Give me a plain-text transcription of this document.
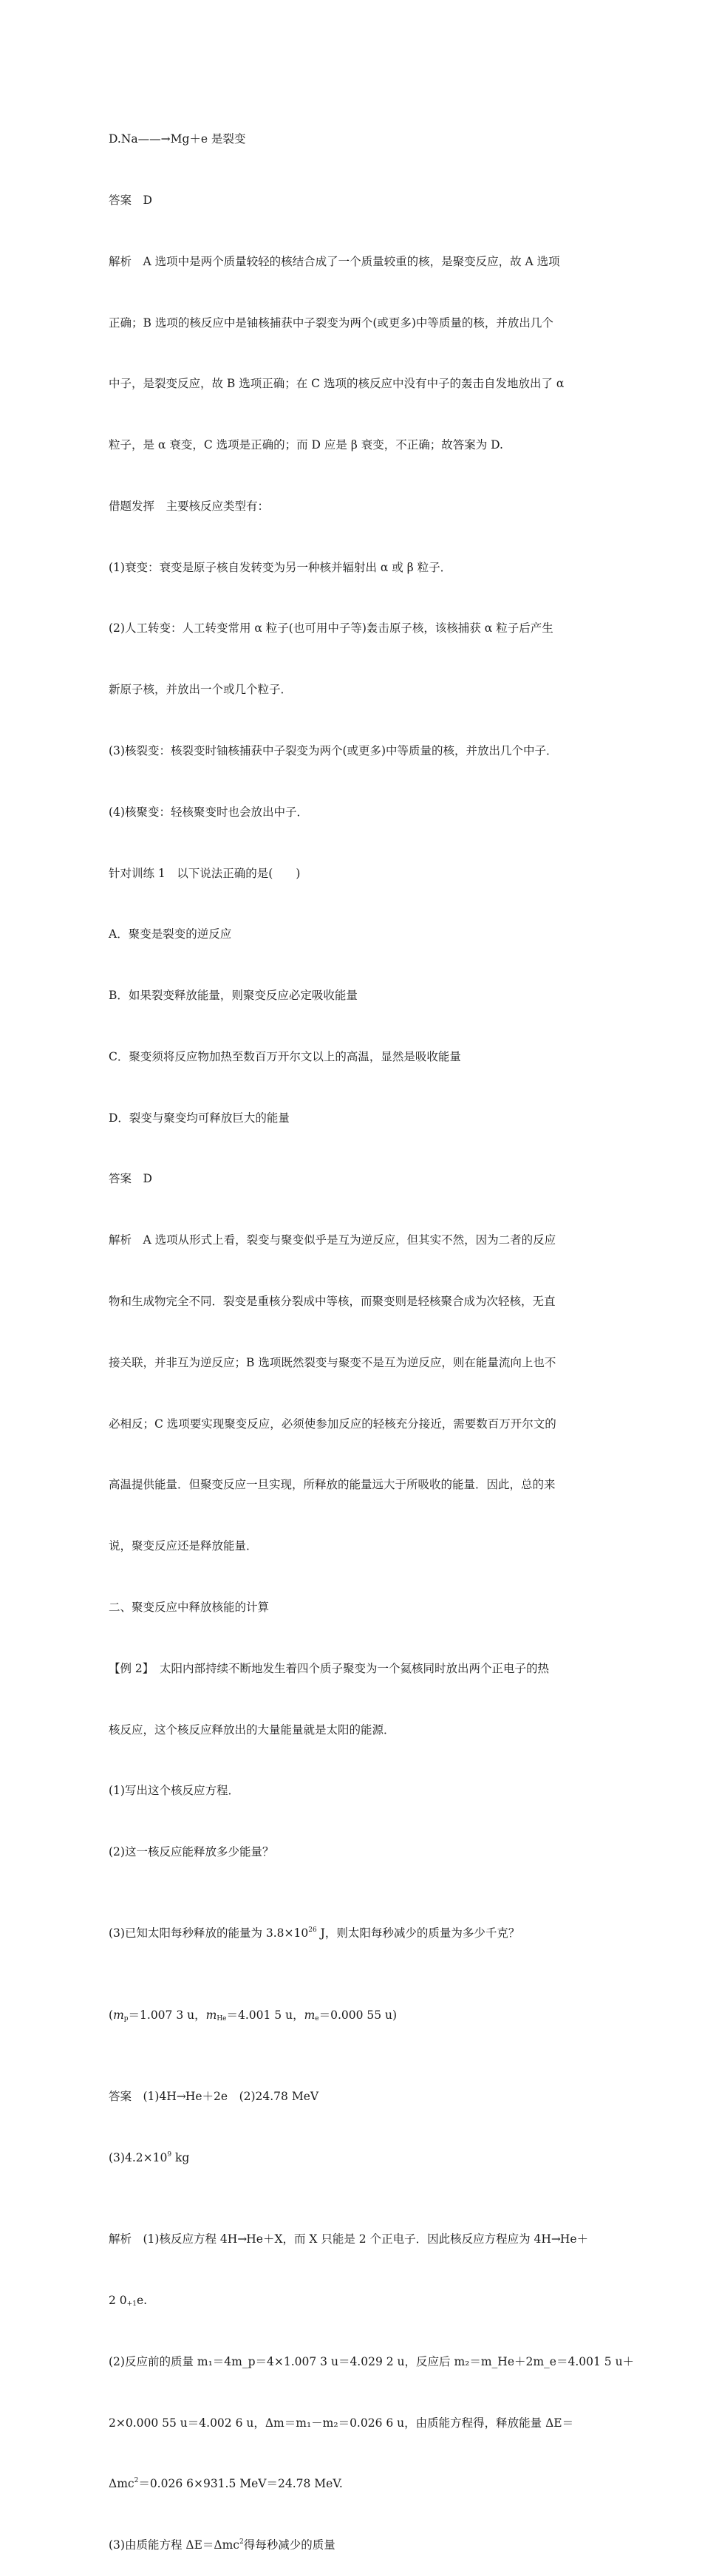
D.Na——→Mg＋e 是裂变

答案　D

解析　A 选项中是两个质量较轻的核结合成了一个质量较重的核，是聚变反应，故 A 选项

正确；B 选项的核反应中是铀核捕获中子裂变为两个(或更多)中等质量的核，并放出几个

中子，是裂变反应，故 B 选项正确；在 C 选项的核反应中没有中子的轰击自发地放出了 α

粒子，是 α 衰变，C 选项是正确的；而 D 应是 β 衰变，不正确；故答案为 D.

借题发挥　主要核反应类型有：

(1)衰变：衰变是原子核自发转变为另一种核并辐射出 α 或 β 粒子．

(2)人工转变：人工转变常用 α 粒子(也可用中子等)轰击原子核，该核捕获 α 粒子后产生

新原子核，并放出一个或几个粒子．

(3)核裂变：核裂变时铀核捕获中子裂变为两个(或更多)中等质量的核，并放出几个中子．

(4)核聚变：轻核聚变时也会放出中子．

针对训练 1　以下说法正确的是(　　)

A．聚变是裂变的逆反应

B．如果裂变释放能量，则聚变反应必定吸收能量

C．聚变须将反应物加热至数百万开尔文以上的高温，显然是吸收能量

D．裂变与聚变均可释放巨大的能量

答案　D

解析　A 选项从形式上看，裂变与聚变似乎是互为逆反应，但其实不然，因为二者的反应

物和生成物完全不同．裂变是重核分裂成中等核，而聚变则是轻核聚合成为次轻核，无直

接关联，并非互为逆反应；B 选项既然裂变与聚变不是互为逆反应，则在能量流向上也不

必相反；C 选项要实现聚变反应，必须使参加反应的轻核充分接近，需要数百万开尔文的

高温提供能量．但聚变反应一旦实现，所释放的能量远大于所吸收的能量．因此，总的来

说，聚变反应还是释放能量．

二、聚变反应中释放核能的计算

【例 2】　太阳内部持续不断地发生着四个质子聚变为一个氦核同时放出两个正电子的热

核反应，这个核反应释放出的大量能量就是太阳的能源．

(1)写出这个核反应方程．

(2)这一核反应能释放多少能量？

(3)已知太阳每秒释放的能量为 $3.8\times 10^{26}$ J，则太阳每秒减少的质量为多少千克？

($m_p=1.007$ 3 u，$m_{He}=4.001$ 5 u，$m_e=0.000$ 55 u)

答案　(1)4H→He＋2e　(2)24.78 MeV

$(3)4.2\times 10^9$ kg

解析　(1)核反应方程 4H→He＋X，而 X 只能是 2 个正电子．因此核反应方程应为 4H→He＋

2 $0_{+1}e$.

(2)反应前的质量 m₁＝4m_p＝4×1.007 3 u＝4.029 2 u，反应后 m₂＝m_He＋2m_e＝4.001 5 u＋

2×0.000 55 u＝4.002 6 u，Δm＝m₁－m₂＝0.026 6 u，由质能方程得，释放能量 ΔE＝

Δmc$^2$＝0.026 6×931.5 MeV＝24.78 MeV.

(3)由质能方程 ΔE＝Δmc$^2$得每秒减少的质量
